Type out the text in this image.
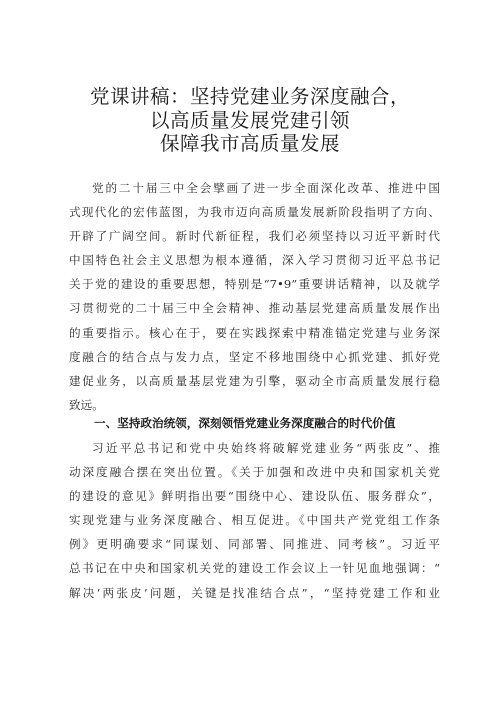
党课讲稿：坚持党建业务深度融合，
以高质量发展党建引领
保障我市高质量发展
党的二十届三中全会擘画了进一步全面深化改革、推进中国
式现代化的宏伟蓝图，为我市迈向高质量发展新阶段指明了方向、
开辟了广阔空间。新时代新征程，我们必须坚持以习近平新时代
中国特色社会主义思想为根本遵循，深入学习贯彻习近平总书记
关于党的建设的重要思想，特别是“7•9”重要讲话精神，以及就学
习贯彻党的二十届三中全会精神、推动基层党建高质量发展作出
的重要指示。核心在于，要在实践探索中精准锚定党建与业务深
度融合的结合点与发力点，坚定不移地围绕中心抓党建、抓好党
建促业务，以高质量基层党建为引擎，驱动全市高质量发展行稳
致远。
一、坚持政治统领，深刻领悟党建业务深度融合的时代价值
习近平总书记和党中央始终将破解党建业务“两张皮”、推
动深度融合摆在突出位置。《关于加强和改进中央和国家机关党
的建设的意见》鲜明指出要“围绕中心、建设队伍、服务群众”，
实现党建与业务深度融合、相互促进。《中国共产党党组工作条
例》更明确要求“同谋划、同部署、同推进、同考核”。习近平
总书记在中央和国家机关党的建设工作会议上一针见血地强调：“
解决‘两张皮’问题，关键是找准结合点”，“坚持党建工作和业
